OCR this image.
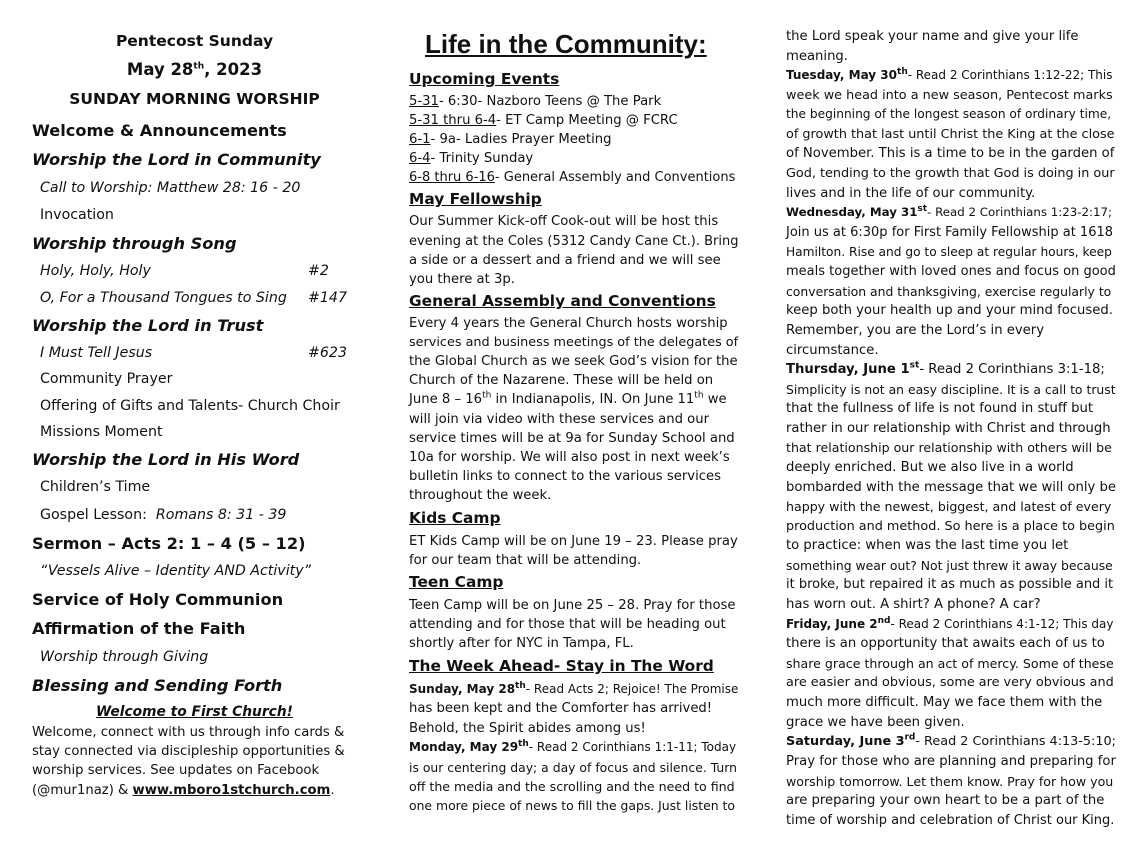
Pentecost Sunday
May 28th, 2023
SUNDAY MORNING WORSHIP
Welcome & Announcements
Worship the Lord in Community
Call to Worship: Matthew 28: 16 - 20
Invocation
Worship through Song
Holy, Holy, Holy	#2
O, For a Thousand Tongues to Sing #147
Worship the Lord in Trust
I Must Tell Jesus	#623
Community Prayer
Offering of Gifts and Talents- Church Choir
Missions Moment
Worship the Lord in His Word
Children’s Time
Gospel Lesson: Romans 8: 31 - 39
Sermon – Acts 2: 1 – 4 (5 – 12)
“Vessels Alive – Identity AND Activity”
Service of Holy Communion
Affirmation of the Faith
Worship through Giving
Blessing and Sending Forth
Welcome to First Church!
Welcome, connect with us through info cards &
stay connected via discipleship opportunities &
worship services. See updates on Facebook
(@mur1naz) & www.mboro1stchurch.com.
Life in the Community:
Upcoming Events
5-31- 6:30- Nazboro Teens @ The Park
5-31 thru 6-4- ET Camp Meeting @ FCRC
6-1- 9a- Ladies Prayer Meeting
6-4- Trinity Sunday
6-8 thru 6-16- General Assembly and Conventions
May Fellowship
Our Summer Kick-off Cook-out will be host this
evening at the Coles (5312 Candy Cane Ct.). Bring
a side or a dessert and a friend and we will see
you there at 3p.
General Assembly and Conventions
Every 4 years the General Church hosts worship
services and business meetings of the delegates of
the Global Church as we seek God’s vision for the
Church of the Nazarene. These will be held on
June 8 – 16th in Indianapolis, IN. On June 11th we
will join via video with these services and our
service times will be at 9a for Sunday School and
10a for worship. We will also post in next week’s
bulletin links to connect to the various services
throughout the week.
Kids Camp
ET Kids Camp will be on June 19 – 23. Please pray
for our team that will be attending.
Teen Camp
Teen Camp will be on June 25 – 28. Pray for those
attending and for those that will be heading out
shortly after for NYC in Tampa, FL.
The Week Ahead- Stay in The Word
Sunday, May 28th- Read Acts 2; Rejoice! The Promise
has been kept and the Comforter has arrived!
Behold, the Spirit abides among us!
Monday, May 29th- Read 2 Corinthians 1:1-11; Today
is our centering day; a day of focus and silence. Turn
off the media and the scrolling and the need to find
one more piece of news to fill the gaps. Just listen to
the Lord speak your name and give your life
meaning.
Tuesday, May 30th- Read 2 Corinthians 1:12-22; This
week we head into a new season, Pentecost marks
the beginning of the longest season of ordinary time,
of growth that last until Christ the King at the close
of November. This is a time to be in the garden of
God, tending to the growth that God is doing in our
lives and in the life of our community.
Wednesday, May 31st- Read 2 Corinthians 1:23-2:17;
Join us at 6:30p for First Family Fellowship at 1618
Hamilton. Rise and go to sleep at regular hours, keep
meals together with loved ones and focus on good
conversation and thanksgiving, exercise regularly to
keep both your health up and your mind focused.
Remember, you are the Lord’s in every
circumstance.
Thursday, June 1st- Read 2 Corinthians 3:1-18;
Simplicity is not an easy discipline. It is a call to trust
that the fullness of life is not found in stuff but
rather in our relationship with Christ and through
that relationship our relationship with others will be
deeply enriched. But we also live in a world
bombarded with the message that we will only be
happy with the newest, biggest, and latest of every
production and method. So here is a place to begin
to practice: when was the last time you let
something wear out? Not just threw it away because
it broke, but repaired it as much as possible and it
has worn out. A shirt? A phone? A car?
Friday, June 2nd- Read 2 Corinthians 4:1-12; This day
there is an opportunity that awaits each of us to
share grace through an act of mercy. Some of these
are easier and obvious, some are very obvious and
much more difficult. May we face them with the
grace we have been given.
Saturday, June 3rd- Read 2 Corinthians 4:13-5:10;
Pray for those who are planning and preparing for
worship tomorrow. Let them know. Pray for how you
are preparing your own heart to be a part of the
time of worship and celebration of Christ our King.
